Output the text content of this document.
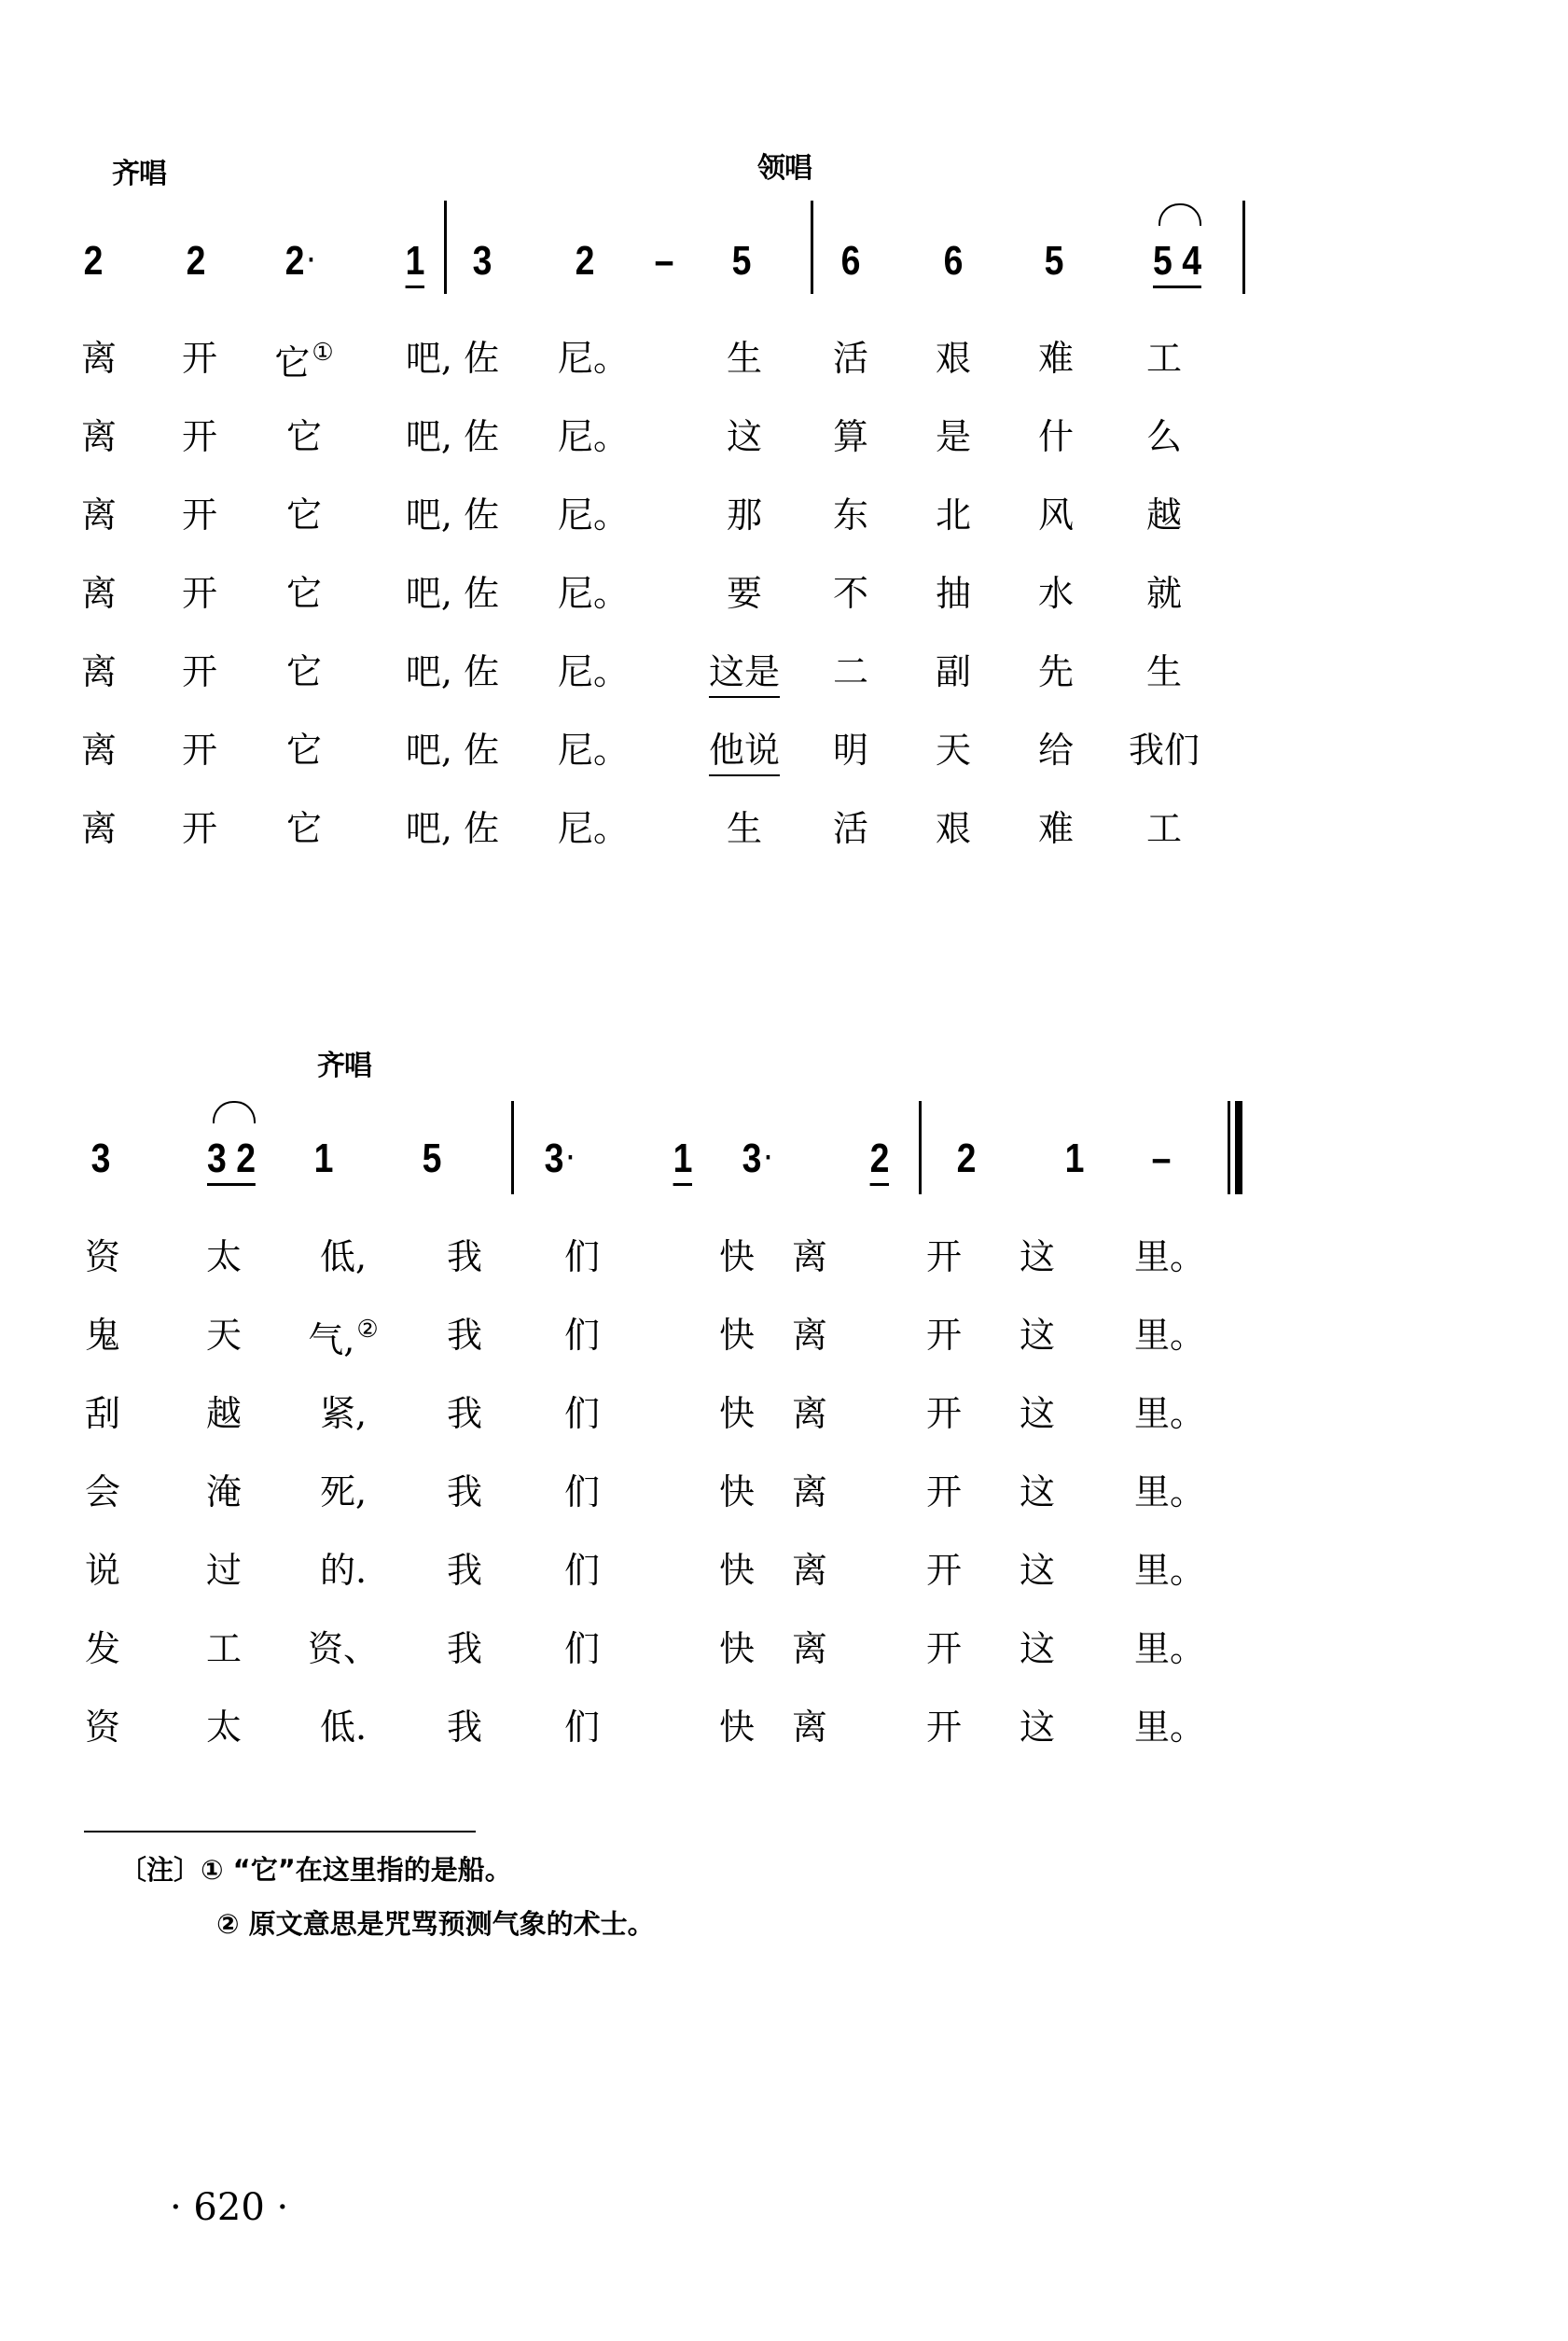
齐唱	领唱
2 2 2 · 1 3 2 – 5 6 6 5 5 4
离 开 它① 吧, 佐 尼。	生 活 艰 难 工
离 开 它 吧, 佐 尼。	这 算 是 什 么
离 开 它 吧, 佐 尼。	那 东 北 风 越
离 开 它 吧, 佐 尼。	要 不 抽 水 就
离 开 它 吧, 佐 尼。 这是 二 副 先 生
离 开 它 吧, 佐 尼。 他说 明 天 给 我们
离 开 它 吧, 佐 尼。	生 活 艰 难 工
齐唱
3 3 2 1 5	3 · 1 3 · 2 2 1 –
资 太 低, 我 们	快 离	开 这 里。
鬼 天 气,② 我 们	快 离	开 这 里。
刮 越 紧, 我 们	快 离	开 这 里。
会 淹 死, 我 们	快 离	开 这 里。
说 过 的. 我 们	快 离	开 这 里。
发 工 资、 我 们	快 离	开 这 里。
资 太 低. 我 们	快 离	开 这 里。
〔注〕① “它”在这里指的是船。
② 原文意思是咒骂预测气象的术士。
· 620 ·
